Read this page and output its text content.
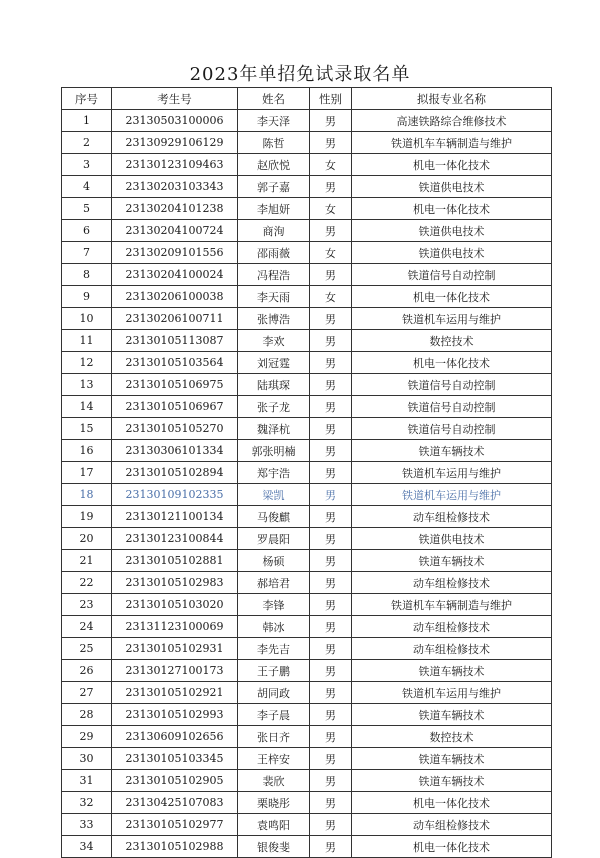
2023年单招免试录取名单
序号	考生号	姓名	性别	拟报专业名称
1	23130503100006	李天泽	男	高速铁路综合维修技术
2	23130929106129	陈哲	男	铁道机车车辆制造与维护
3	23130123109463	赵欣悦	女	机电一体化技术
4	23130203103343	郭子嘉	男	铁道供电技术
5	23130204101238	李旭妍	女	机电一体化技术
6	23130204100724	商洵	男	铁道供电技术
7	23130209101556	邵雨薇	女	铁道供电技术
8	23130204100024	冯程浩	男	铁道信号自动控制
9	23130206100038	李天雨	女	机电一体化技术
10	23130206100711	张博浩	男	铁道机车运用与维护
11	23130105113087	李欢	男	数控技术
12	23130105103564	刘冠霆	男	机电一体化技术
13	23130105106975	陆琪琛	男	铁道信号自动控制
14	23130105106967	张子龙	男	铁道信号自动控制
15	23130105105270	魏泽杭	男	铁道信号自动控制
16	23130306101334	郭张明楠	男	铁道车辆技术
17	23130105102894	郑宇浩	男	铁道机车运用与维护
18	23130109102335	梁凯	男	铁道机车运用与维护
19	23130121100134	马俊麒	男	动车组检修技术
20	23130123100844	罗晨阳	男	铁道供电技术
21	23130105102881	杨硕	男	铁道车辆技术
22	23130105102983	郝培君	男	动车组检修技术
23	23130105103020	李锋	男	铁道机车车辆制造与维护
24	23131123100069	韩冰	男	动车组检修技术
25	23130105102931	李先吉	男	动车组检修技术
26	23130127100173	王子鹏	男	铁道车辆技术
27	23130105102921	胡同政	男	铁道机车运用与维护
28	23130105102993	李子晨	男	铁道车辆技术
29	23130609102656	张日齐	男	数控技术
30	23130105103345	王梓安	男	铁道车辆技术
31	23130105102905	裴欣	男	铁道车辆技术
32	23130425107083	栗晓彤	男	机电一体化技术
33	23130105102977	袁鸣阳	男	动车组检修技术
34	23130105102988	银俊斐	男	机电一体化技术
